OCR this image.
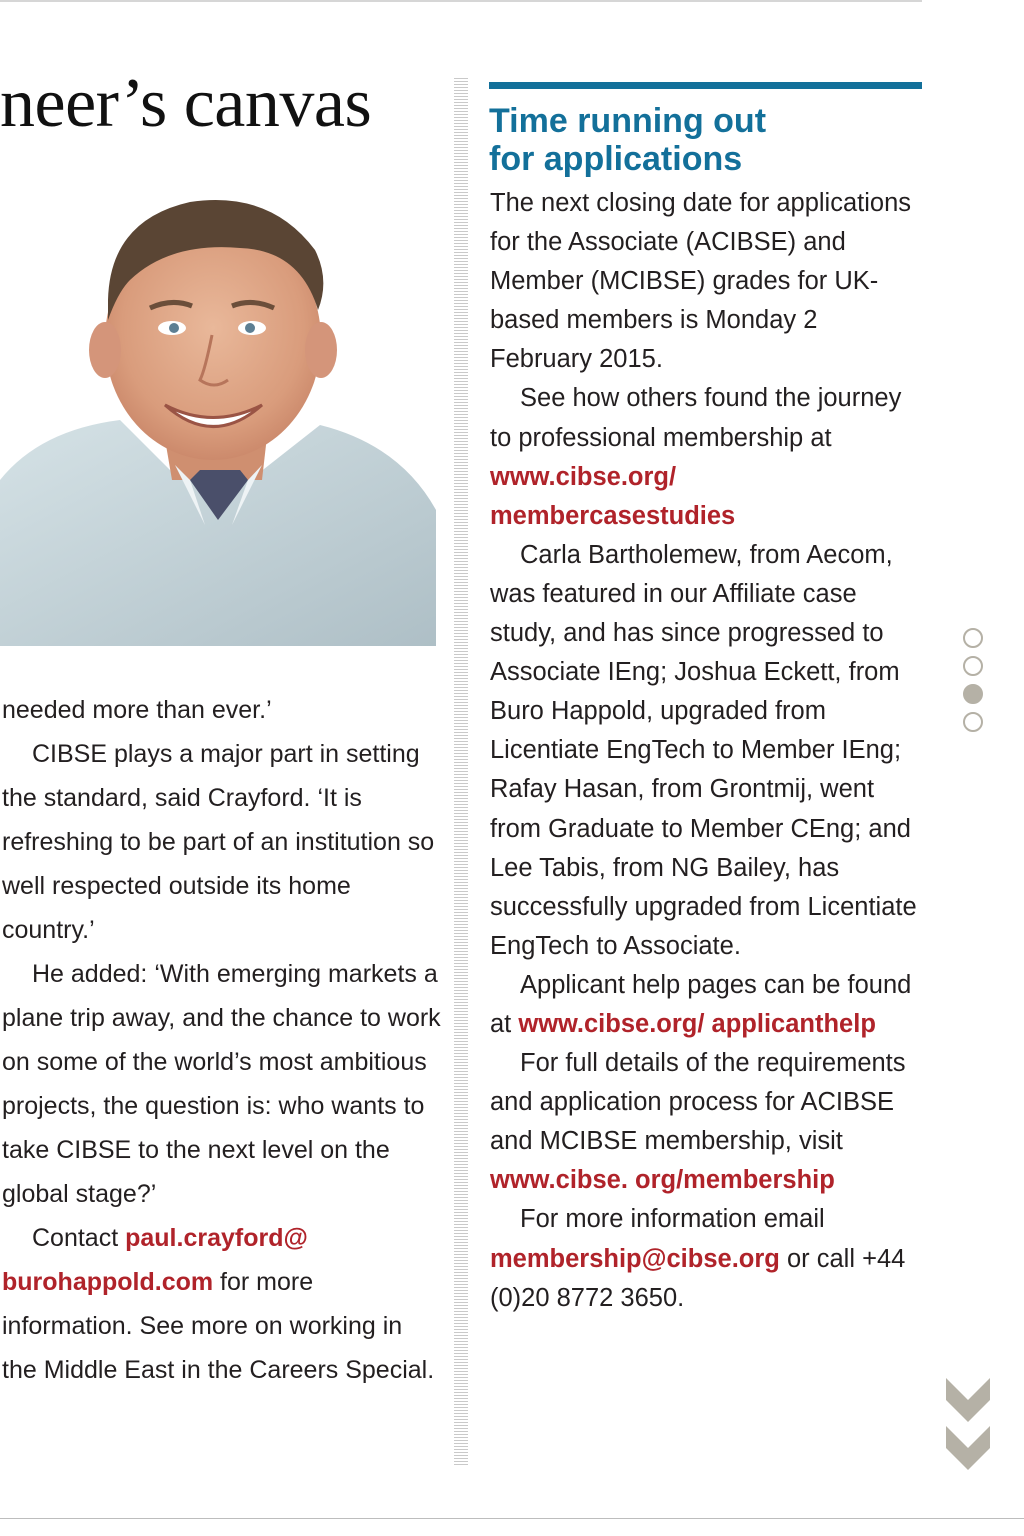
neer’s canvas

needed more than ever.’

CIBSE plays a major part in setting the standard, said Crayford. ‘It is refreshing to be part of an institution so well respected outside its home country.’

He added: ‘With emerging markets a plane trip away, and the chance to work on some of the world’s most ambitious projects, the question is: who wants to take CIBSE to the next level on the global stage?’

Contact paul.crayford@ burohappold.com for more information. See more on working in the Middle East in the Careers Special.

Time running out
for applications

The next closing date for applications for the Associate (ACIBSE) and Member (MCIBSE) grades for UK-based members is Monday 2 February 2015.

See how others found the journey to professional membership at www.cibse.org/ membercasestudies

Carla Bartholemew, from Aecom, was featured in our Affiliate case study, and has since progressed to Associate IEng; Joshua Eckett, from Buro Happold, upgraded from Licentiate EngTech to Member IEng; Rafay Hasan, from Grontmij, went from Graduate to Member CEng; and Lee Tabis, from NG Bailey, has successfully upgraded from Licentiate EngTech to Associate.

Applicant help pages can be found at www.cibse.org/ applicanthelp

For full details of the requirements and application process for ACIBSE and MCIBSE membership, visit www.cibse. org/membership

For more information email membership@cibse.org or call +44 (0)20 8772 3650.
